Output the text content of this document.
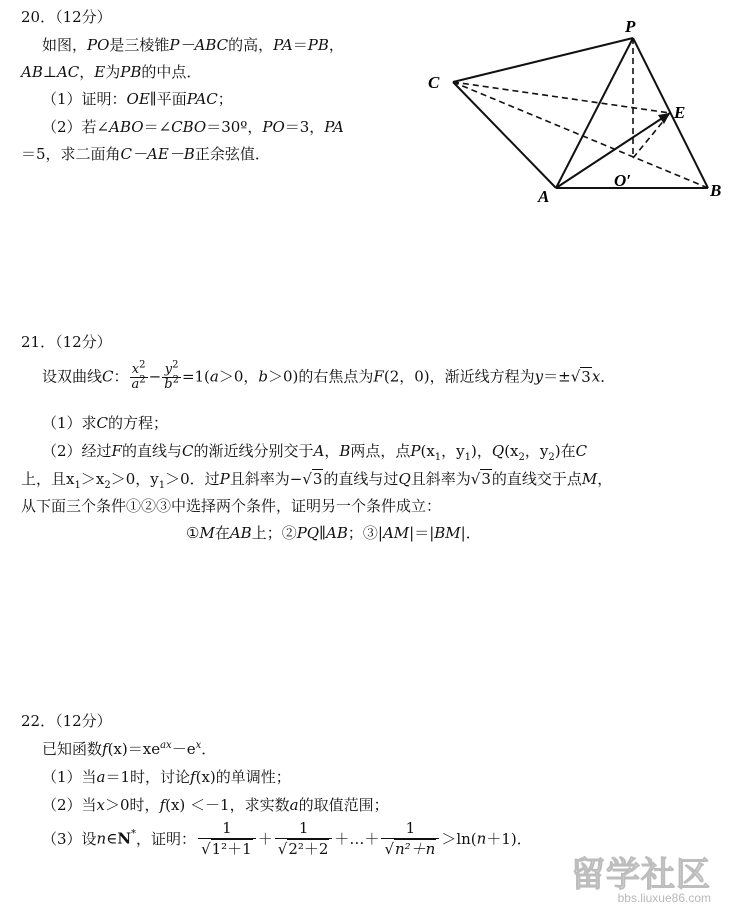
20．（12分）
如图，PO是三棱锥P－ABC的高，PA＝PB，
AB⊥AC，E为PB的中点．
（1）证明：OE∥平面PAC；
（2）若∠ABO＝∠CBO＝30º，PO＝3，PA
＝5，求二面角C－AE－B正余弦值．
P
C
E
O′
A	B
21．（12分）
设双曲线C： $\frac{x^2}{a^2} - \frac{y^2}{b^2} =1(a>0$，b＞0)的右焦点为F(2，0)，渐近线方程为y＝±√3x．
（1）求C的方程；
（2）经过F的直线与C的渐近线分别交于A，B两点，点$P(x_1$，$y_1$)，$Q(x_2$，$y_2$)在C
上，且$x_1>x_2>0$，$y_1>0$．过P且斜率为−√3的直线与过Q且斜率为√3的直线交于点M，
从下面三个条件①②③中选择两个条件，证明另一个条件成立：
①M在AB上；②PQ∥AB；③|AM|＝|BM|．
22．（12分）
已知函数$f(x)=xe^{ax}-e^x$．
（1）当a＝1时，讨论f(x)的单调性；
（2）当x＞0时，f(x) ＜－1，求实数a的取值范围；
（3）设n∈N*，证明： $\frac{1}{\text{√1²＋1}} + \frac{1}{\text{√2²＋2}}$ ＋…＋ $\frac{1}{\text{√n²＋n}} >\ln(n+1)$．
留学社区
bbs.liuxue86.com
